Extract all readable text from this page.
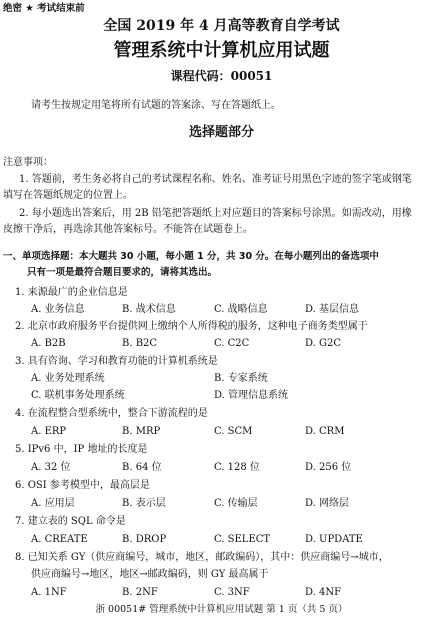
绝密 ★ 考试结束前
全国 2019 年 4 月高等教育自学考试
管理系统中计算机应用试题
课程代码：00051
请考生按规定用笔将所有试题的答案涂、写在答题纸上。
选择题部分
注意事项：
1. 答题前，考生务必将自己的考试课程名称、姓名、准考证号用黑色字迹的签字笔或钢笔
填写在答题纸规定的位置上。
2. 每小题选出答案后，用 2B 铅笔把答题纸上对应题目的答案标号涂黑。如需改动，用橡
皮擦干净后，再选涂其他答案标号。不能答在试题卷上。
一、单项选择题：本大题共 30 小题，每小题 1 分，共 30 分。在每小题列出的备选项中
只有一项是最符合题目要求的，请将其选出。
1. 来源最广的企业信息是
A. 业务信息	B. 战术信息	C. 战略信息	D. 基层信息
2. 北京市政府服务平台提供网上缴纳个人所得税的服务，这种电子商务类型属于
A. B2B	B. B2C	C. C2C	D. G2C
3. 具有咨询、学习和教育功能的计算机系统是
A. 业务处理系统	B. 专家系统
C. 联机事务处理系统	D. 管理信息系统
4. 在流程整合型系统中，整合下游流程的是
A. ERP	B. MRP	C. SCM	D. CRM
5. IPv6 中，IP 地址的长度是
A. 32 位	B. 64 位	C. 128 位	D. 256 位
6. OSI 参考模型中，最高层是
A. 应用层	B. 表示层	C. 传输层	D. 网络层
7. 建立表的 SQL 命令是
A. CREATE	B. DROP	C. SELECT	D. UPDATE
8. 已知关系 GY（供应商编号，城市，地区，邮政编码），其中：供应商编号→城市，
供应商编号→地区，地区→邮政编码，则 GY 最高属于
A. 1NF	B. 2NF	C. 3NF	D. 4NF
浙 00051# 管理系统中计算机应用试题 第 1 页（共 5 页）
